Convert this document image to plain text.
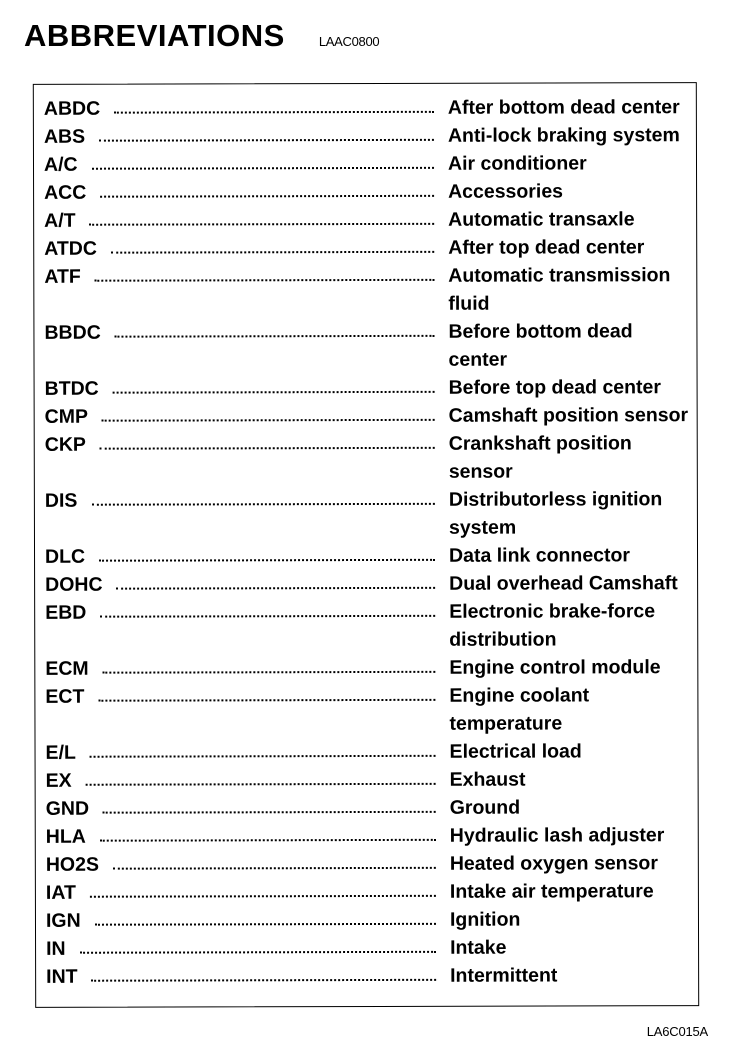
ABBREVIATIONS	LAAC0800
ABDC	After bottom dead center
ABS	Anti-lock braking system
A/C	Air conditioner
ACC	Accessories
A/T	Automatic transaxle
ATDC	After top dead center
ATF	Automatic transmission
fluid
BBDC	Before bottom dead
center
BTDC	Before top dead center
CMP	Camshaft position sensor
CKP	Crankshaft position
sensor
DIS	Distributorless ignition
system
DLC	Data link connector
DOHC	Dual overhead Camshaft
EBD	Electronic brake-force
distribution
ECM	Engine control module
ECT	Engine coolant
temperature
E/L	Electrical load
EX	Exhaust
GND	Ground
HLA	Hydraulic lash adjuster
HO2S	Heated oxygen sensor
IAT	Intake air temperature
IGN	Ignition
IN	Intake
INT	Intermittent
LA6C015A
